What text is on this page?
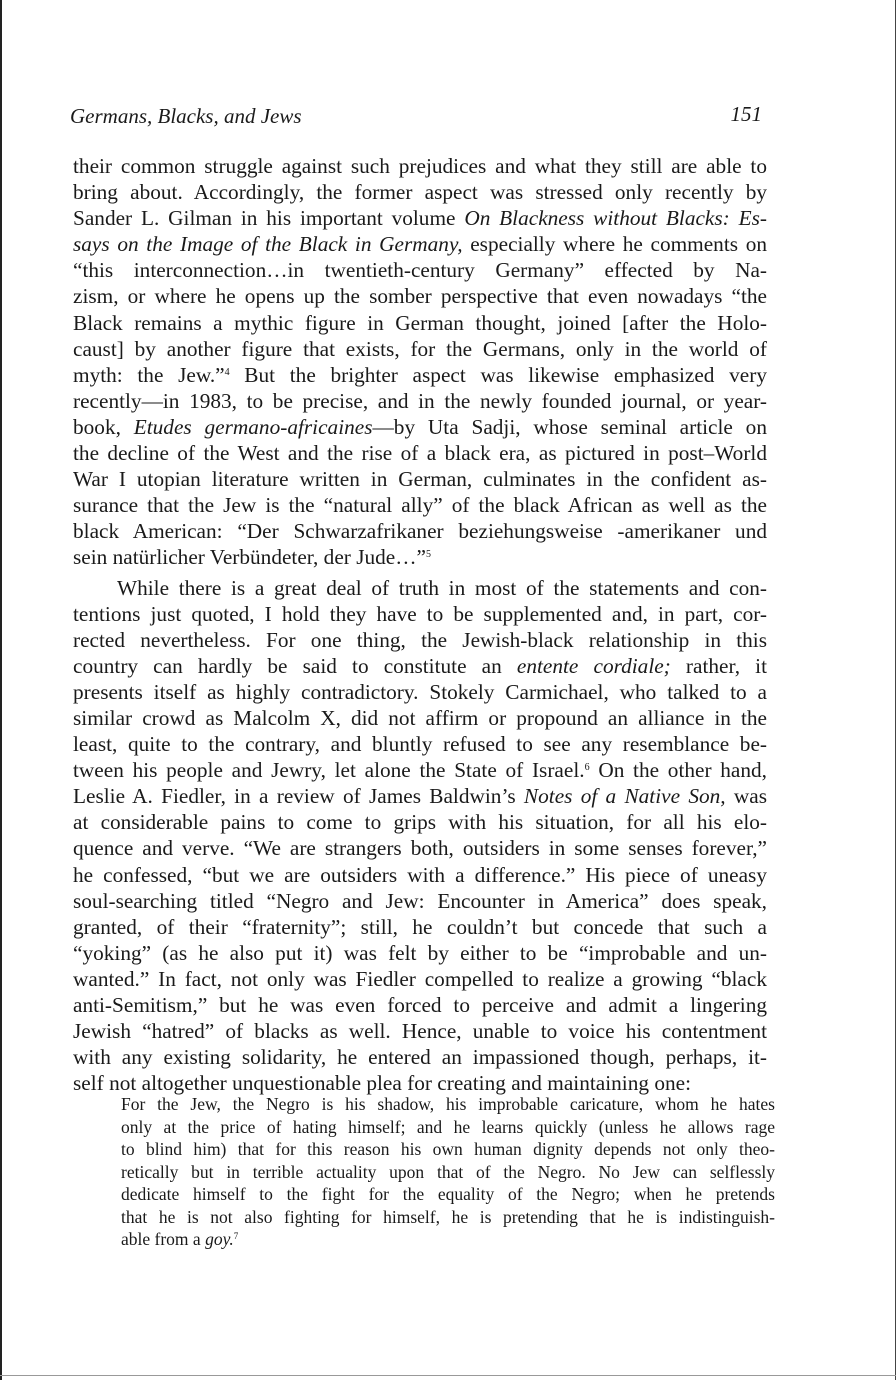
Germans, Blacks, and Jews	151
their common struggle against such prejudices and what they still are able to
bring about. Accordingly, the former aspect was stressed only recently by
Sander L. Gilman in his important volume On Blackness without Blacks: Es-
says on the Image of the Black in Germany, especially where he comments on
“this interconnection…in twentieth-century Germany” effected by Na-
zism, or where he opens up the somber perspective that even nowadays “the
Black remains a mythic figure in German thought, joined [after the Holo-
caust] by another figure that exists, for the Germans, only in the world of
myth: the Jew.”$^4$ But the brighter aspect was likewise emphasized very
recently—in 1983, to be precise, and in the newly founded journal, or year-
book, Etudes germano-africaines—by Uta Sadji, whose seminal article on
the decline of the West and the rise of a black era, as pictured in post–World
War I utopian literature written in German, culminates in the confident as-
surance that the Jew is the “natural ally” of the black African as well as the
black American: “Der Schwarzafrikaner beziehungsweise -amerikaner und
sein natürlicher Verbündeter, der Jude…”$^5$
While there is a great deal of truth in most of the statements and con-
tentions just quoted, I hold they have to be supplemented and, in part, cor-
rected nevertheless. For one thing, the Jewish-black relationship in this
country can hardly be said to constitute an entente cordiale; rather, it
presents itself as highly contradictory. Stokely Carmichael, who talked to a
similar crowd as Malcolm X, did not affirm or propound an alliance in the
least, quite to the contrary, and bluntly refused to see any resemblance be-
tween his people and Jewry, let alone the State of Israel.$^6$ On the other hand,
Leslie A. Fiedler, in a review of James Baldwin’s Notes of a Native Son, was
at considerable pains to come to grips with his situation, for all his elo-
quence and verve. “We are strangers both, outsiders in some senses forever,”
he confessed, “but we are outsiders with a difference.” His piece of uneasy
soul-searching titled “Negro and Jew: Encounter in America” does speak,
granted, of their “fraternity”; still, he couldn’t but concede that such a
“yoking” (as he also put it) was felt by either to be “improbable and un-
wanted.” In fact, not only was Fiedler compelled to realize a growing “black
anti-Semitism,” but he was even forced to perceive and admit a lingering
Jewish “hatred” of blacks as well. Hence, unable to voice his contentment
with any existing solidarity, he entered an impassioned though, perhaps, it-
self not altogether unquestionable plea for creating and maintaining one:
For the Jew, the Negro is his shadow, his improbable caricature, whom he hates
only at the price of hating himself; and he learns quickly (unless he allows rage
to blind him) that for this reason his own human dignity depends not only theo-
retically but in terrible actuality upon that of the Negro. No Jew can selflessly
dedicate himself to the fight for the equality of the Negro; when he pretends
that he is not also fighting for himself, he is pretending that he is indistinguish-
able from a goy.$^7$
